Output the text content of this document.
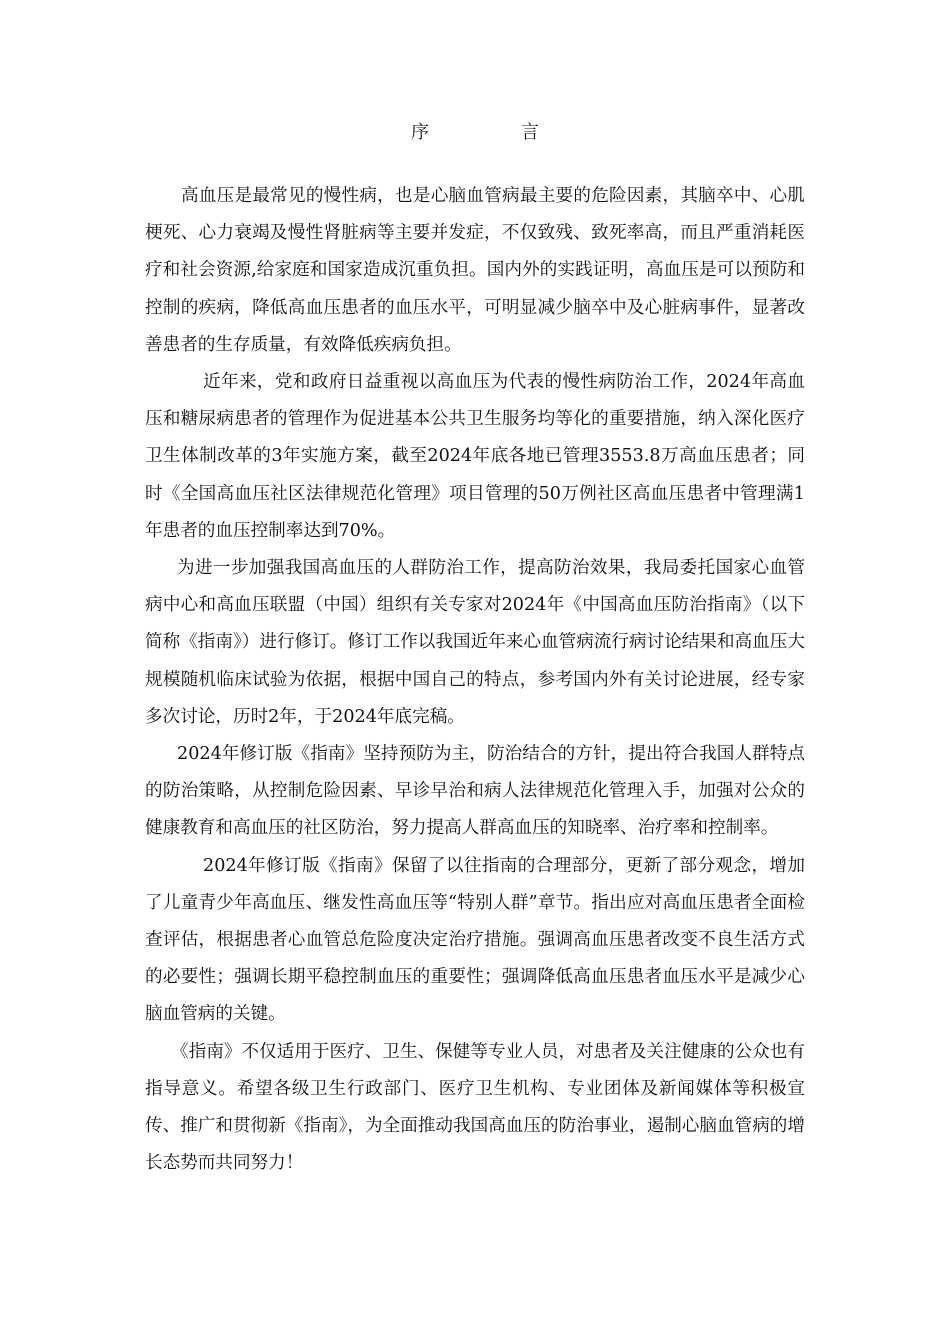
序言

高血压是最常见的慢性病，也是心脑血管病最主要的危险因素，其脑卒中、心肌梗死、心力衰竭及慢性肾脏病等主要并发症，不仅致残、致死率高，而且严重消耗医疗和社会资源,给家庭和国家造成沉重负担。国内外的实践证明，高血压是可以预防和控制的疾病，降低高血压患者的血压水平，可明显减少脑卒中及心脏病事件，显著改善患者的生存质量，有效降低疾病负担。

近年来，党和政府日益重视以高血压为代表的慢性病防治工作，2024年高血压和糖尿病患者的管理作为促进基本公共卫生服务均等化的重要措施，纳入深化医疗卫生体制改革的3年实施方案，截至2024年底各地已管理3553.8万高血压患者；同时《全国高血压社区法律规范化管理》项目管理的50万例社区高血压患者中管理满1年患者的血压控制率达到70%。

为进一步加强我国高血压的人群防治工作，提高防治效果，我局委托国家心血管病中心和高血压联盟（中国）组织有关专家对2024年《中国高血压防治指南》（以下简称《指南》）进行修订。修订工作以我国近年来心血管病流行病讨论结果和高血压大规模随机临床试验为依据，根据中国自己的特点，参考国内外有关讨论进展，经专家多次讨论，历时2年，于2024年底完稿。

2024年修订版《指南》坚持预防为主，防治结合的方针，提出符合我国人群特点的防治策略，从控制危险因素、早诊早治和病人法律规范化管理入手，加强对公众的健康教育和高血压的社区防治，努力提高人群高血压的知晓率、治疗率和控制率。

2024年修订版《指南》保留了以往指南的合理部分，更新了部分观念，增加了儿童青少年高血压、继发性高血压等“特别人群”章节。指出应对高血压患者全面检查评估，根据患者心血管总危险度决定治疗措施。强调高血压患者改变不良生活方式的必要性；强调长期平稳控制血压的重要性；强调降低高血压患者血压水平是减少心脑血管病的关键。

《指南》不仅适用于医疗、卫生、保健等专业人员，对患者及关注健康的公众也有指导意义。希望各级卫生行政部门、医疗卫生机构、专业团体及新闻媒体等积极宣传、推广和贯彻新《指南》，为全面推动我国高血压的防治事业，遏制心脑血管病的增长态势而共同努力！
